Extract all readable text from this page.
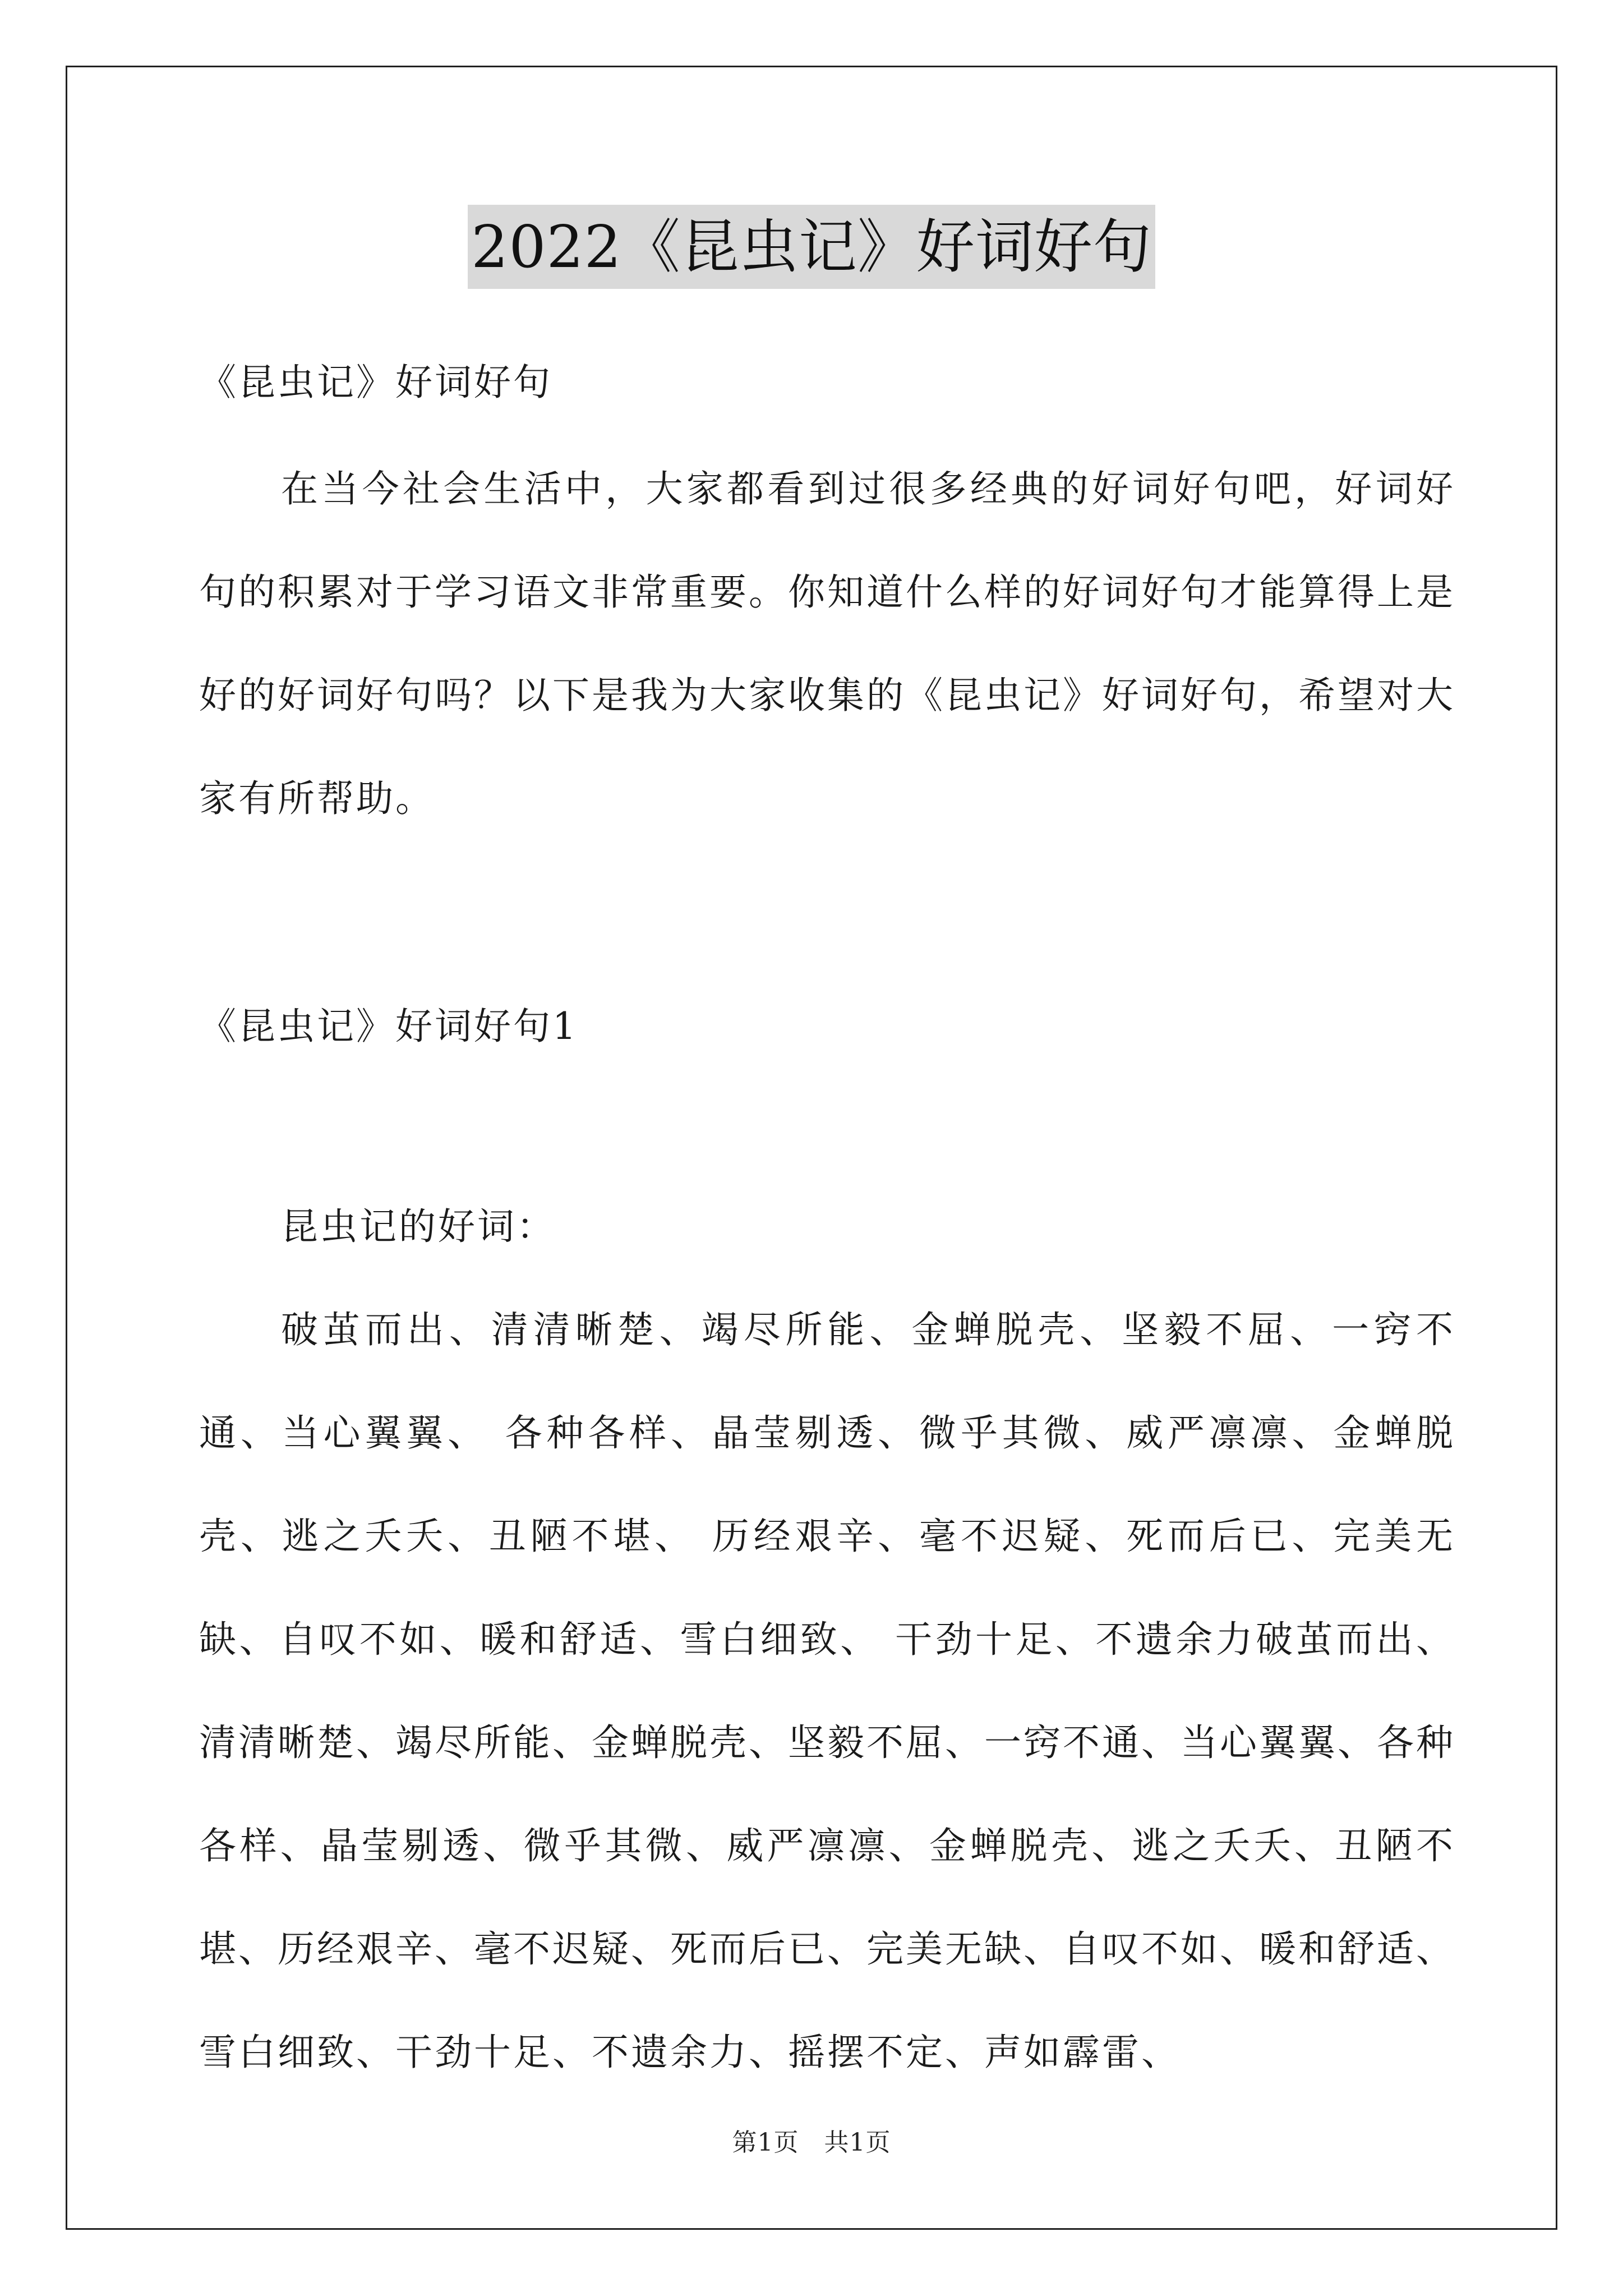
2022《昆虫记》好词好句

《昆虫记》好词好句

在当今社会生活中，大家都看到过很多经典的好词好句吧，好词好句的积累对于学习语文非常重要。你知道什么样的好词好句才能算得上是好的好词好句吗？以下是我为大家收集的《昆虫记》好词好句，希望对大家有所帮助。

《昆虫记》好词好句1

昆虫记的好词：

破茧而出、清清晰楚、竭尽所能、金蝉脱壳、坚毅不屈、一窍不通、当心翼翼、 各种各样、晶莹剔透、微乎其微、威严凛凛、金蝉脱壳、逃之夭夭、丑陋不堪、 历经艰辛、毫不迟疑、死而后已、完美无缺、自叹不如、暖和舒适、雪白细致、 干劲十足、不遗余力破茧而出、清清晰楚、竭尽所能、金蝉脱壳、坚毅不屈、一窍不通、当心翼翼、各种各样、晶莹剔透、微乎其微、威严凛凛、金蝉脱壳、逃之夭夭、丑陋不堪、历经艰辛、毫不迟疑、死而后已、完美无缺、自叹不如、暖和舒适、雪白细致、干劲十足、不遗余力、摇摆不定、声如霹雷、

第1页　共1页
